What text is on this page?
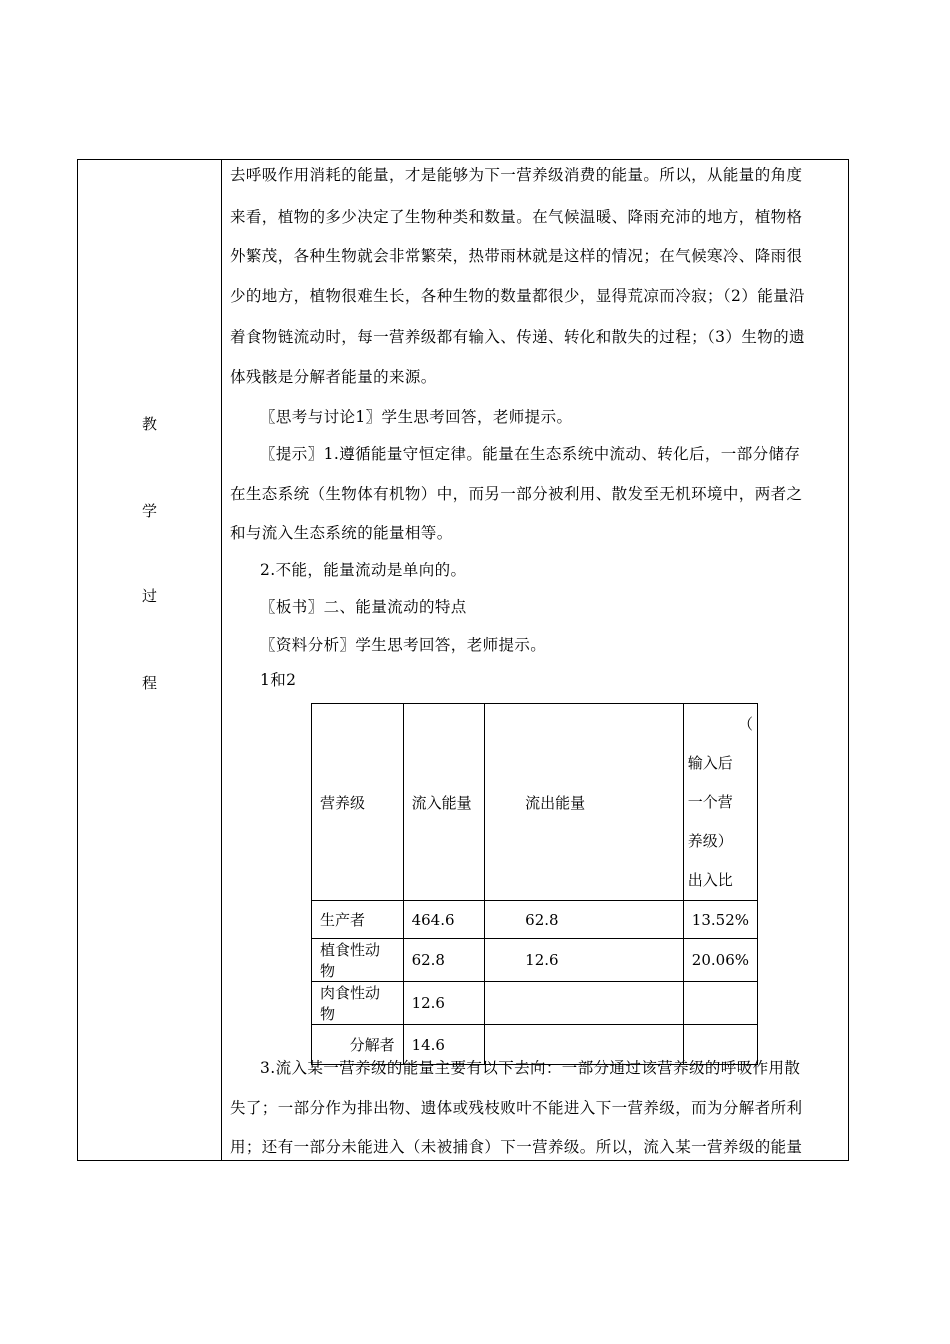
教
学
过
程
去呼吸作用消耗的能量，才是能够为下一营养级消费的能量。所以，从能量的角度
来看，植物的多少决定了生物种类和数量。在气候温暖、降雨充沛的地方，植物格
外繁茂，各种生物就会非常繁荣，热带雨林就是这样的情况；在气候寒冷、降雨很
少的地方，植物很难生长，各种生物的数量都很少，显得荒凉而冷寂；（2）能量沿
着食物链流动时，每一营养级都有输入、传递、转化和散失的过程；（3）生物的遗
体残骸是分解者能量的来源。
〖思考与讨论1〗学生思考回答，老师提示。
〖提示〗1.遵循能量守恒定律。能量在生态系统中流动、转化后，一部分储存
在生态系统（生物体有机物）中，而另一部分被利用、散发至无机环境中，两者之
和与流入生态系统的能量相等。
2.不能，能量流动是单向的。
〖板书〗二、能量流动的特点
〖资料分析〗学生思考回答，老师提示。
1和2
营养级	流入能量	流出能量	（
输入后
一个营
养级）
出入比

生产者	464.6	62.8	13.52%
植食性动物	62.8	12.6	20.06%
肉食性动物	12.6		
分解者	14.6		
3.流入某一营养级的能量主要有以下去向：一部分通过该营养级的呼吸作用散
失了；一部分作为排出物、遗体或残枝败叶不能进入下一营养级，而为分解者所利
用；还有一部分未能进入（未被捕食）下一营养级。所以，流入某一营养级的能量
